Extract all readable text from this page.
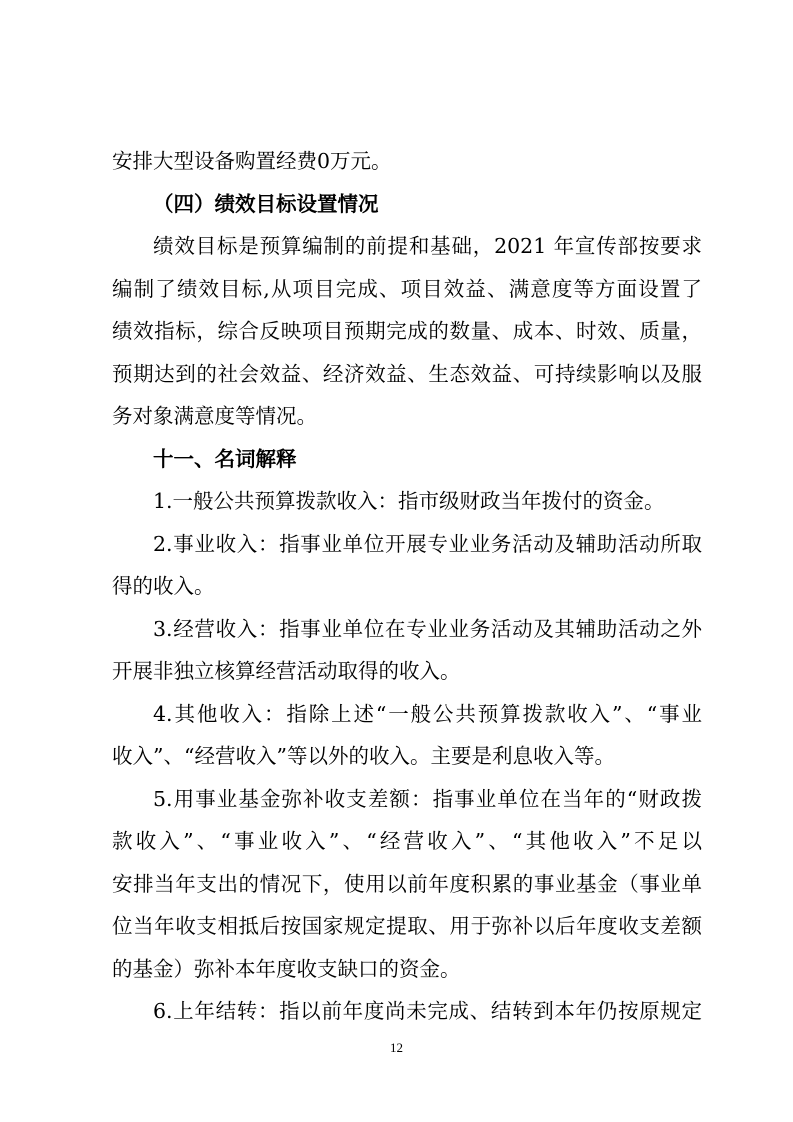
安排大型设备购置经费0万元。
（四）绩效目标设置情况
绩效目标是预算编制的前提和基础，2021 年宣传部按要求
编制了绩效目标,从项目完成、项目效益、满意度等方面设置了
绩效指标，综合反映项目预期完成的数量、成本、时效、质量，
预期达到的社会效益、经济效益、生态效益、可持续影响以及服
务对象满意度等情况。
十一、名词解释
1.一般公共预算拨款收入：指市级财政当年拨付的资金。
2.事业收入：指事业单位开展专业业务活动及辅助活动所取
得的收入。
3.经营收入：指事业单位在专业业务活动及其辅助活动之外
开展非独立核算经营活动取得的收入。
4.其他收入：指除上述“一般公共预算拨款收入”、“事业
收入”、“经营收入”等以外的收入。主要是利息收入等。
5.用事业基金弥补收支差额：指事业单位在当年的“财政拨
款收入”、“事业收入”、“经营收入”、“其他收入”不足以
安排当年支出的情况下，使用以前年度积累的事业基金（事业单
位当年收支相抵后按国家规定提取、用于弥补以后年度收支差额
的基金）弥补本年度收支缺口的资金。
6.上年结转：指以前年度尚未完成、结转到本年仍按原规定
12
